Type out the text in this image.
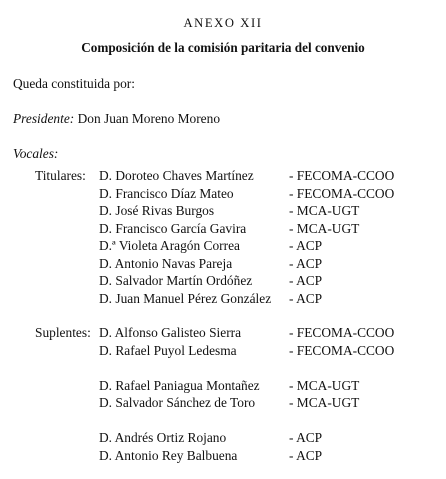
ANEXO XII
Composición de la comisión paritaria del convenio
Queda constituida por:
Presidente: Don Juan Moreno Moreno
Vocales:
Titulares: D. Doroteo Chaves Martínez	- FECOMA-CCOO
D. Francisco Díaz Mateo	- FECOMA-CCOO
D. José Rivas Burgos	- MCA-UGT
D. Francisco García Gavira	- MCA-UGT
D.ª Violeta Aragón Correa	- ACP
D. Antonio Navas Pareja	- ACP
D. Salvador Martín Ordóñez	- ACP
D. Juan Manuel Pérez González - ACP
Suplentes: D. Alfonso Galisteo Sierra	- FECOMA-CCOO
D. Rafael Puyol Ledesma	- FECOMA-CCOO
D. Rafael Paniagua Montañez - MCA-UGT
D. Salvador Sánchez de Toro	- MCA-UGT
D. Andrés Ortiz Rojano	- ACP
D. Antonio Rey Balbuena	- ACP
